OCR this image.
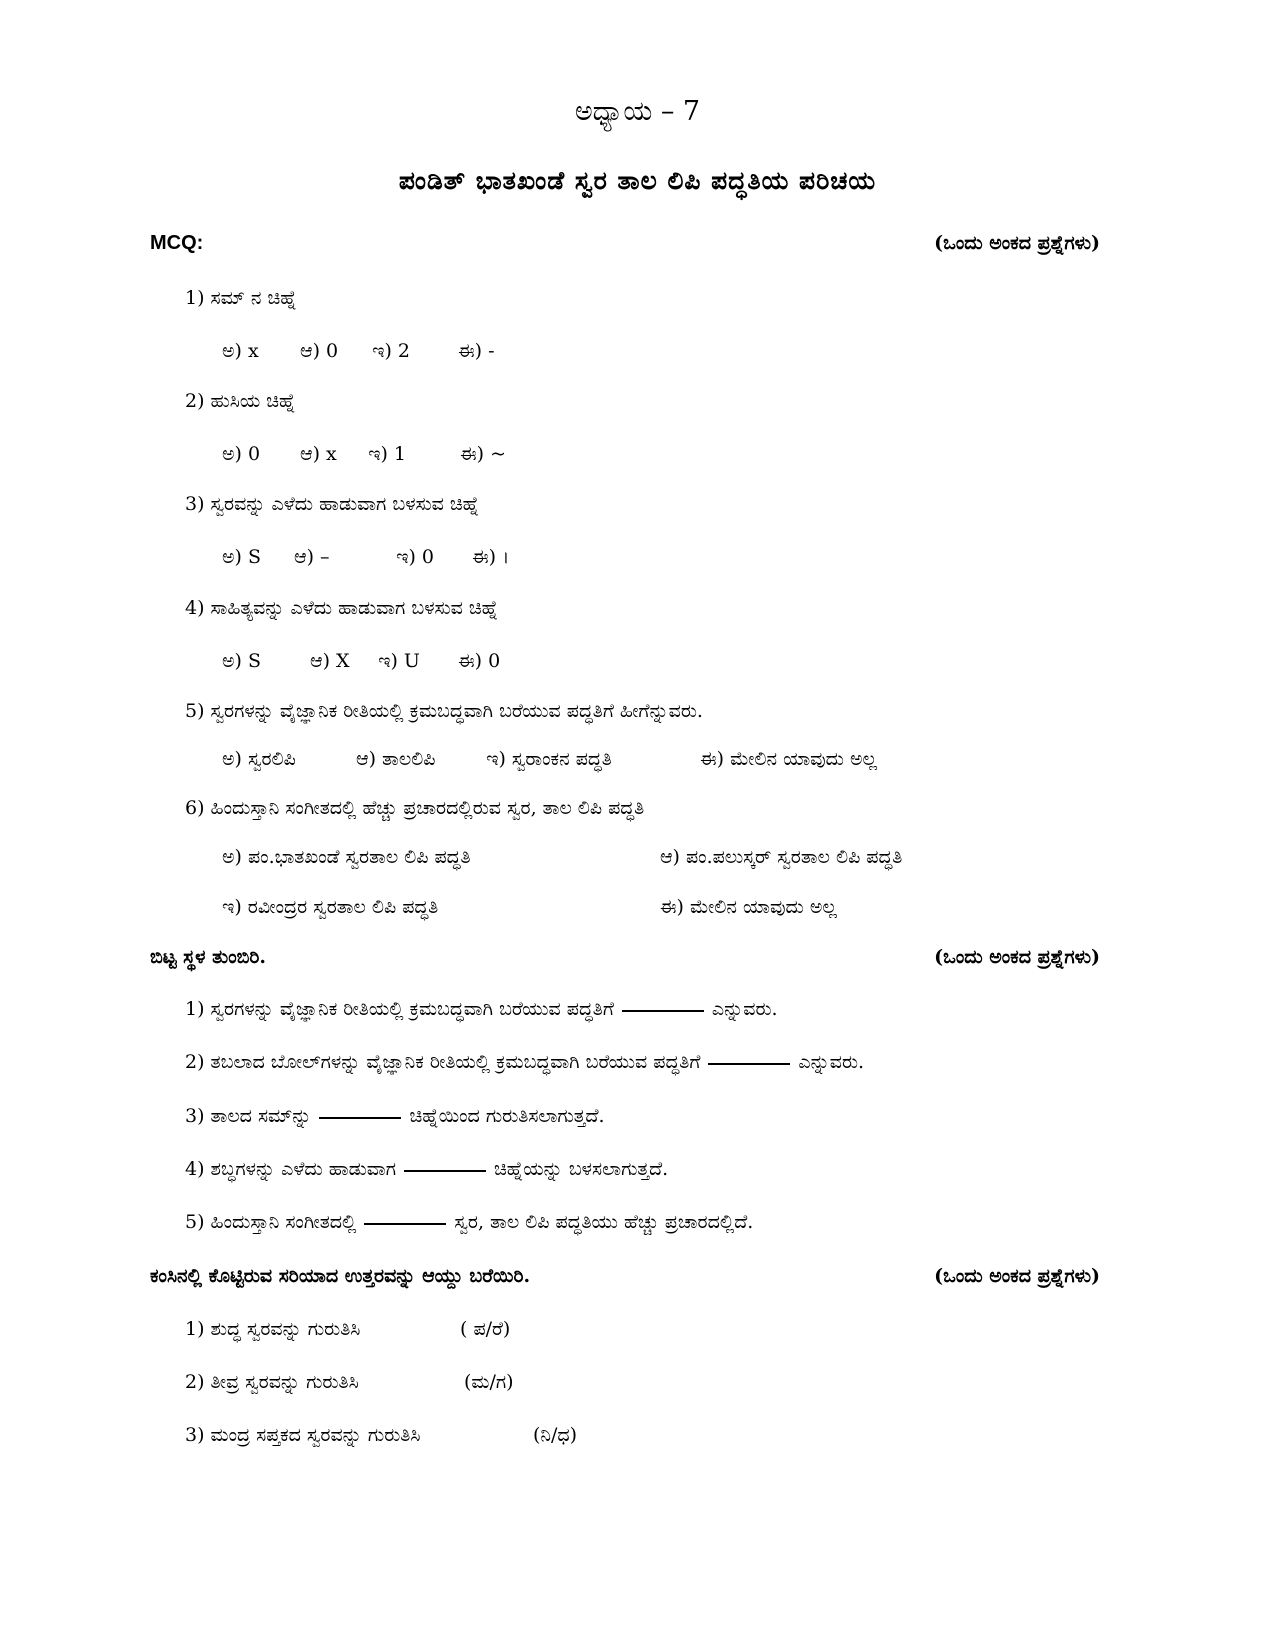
ಅಧ್ಯಾಯ – 7
ಪಂಡಿತ್ ಭಾತಖಂಡೆ ಸ್ವರ ತಾಲ ಲಿಪಿ ಪದ್ಧತಿಯ ಪರಿಚಯ
MCQ:	(ಒಂದು ಅಂಕದ ಪ್ರಶ್ನೆಗಳು)
1) ಸಮ್ ನ ಚಿಹ್ನೆ
ಅ) x ಆ) 0 ಇ) 2	ಈ) -
2) ಹುಸಿಯ ಚಿಹ್ನೆ
ಅ) 0 ಆ) x ಇ) 1	ಈ) ~
3) ಸ್ವರವನ್ನು ಎಳೆದು ಹಾಡುವಾಗ ಬಳಸುವ ಚಿಹ್ನೆ
ಅ) S ಆ) –	ಇ) 0 ಈ) ।
4) ಸಾಹಿತ್ಯವನ್ನು ಎಳೆದು ಹಾಡುವಾಗ ಬಳಸುವ ಚಿಹ್ನೆ
ಅ) S	ಆ) X ಇ) U ಈ) 0
5) ಸ್ವರಗಳನ್ನು ವೈಜ್ಞಾನಿಕ ರೀತಿಯಲ್ಲಿ ಕ್ರಮಬದ್ಧವಾಗಿ ಬರೆಯುವ ಪದ್ಧತಿಗೆ ಹೀಗೆನ್ನುವರು.
ಅ) ಸ್ವರಲಿಪಿ	ಆ) ತಾಲಲಿಪಿ	ಇ) ಸ್ವರಾಂಕನ ಪದ್ಧತಿ	ಈ) ಮೇಲಿನ ಯಾವುದು ಅಲ್ಲ
6) ಹಿಂದುಸ್ತಾನಿ ಸಂಗೀತದಲ್ಲಿ ಹೆಚ್ಚು ಪ್ರಚಾರದಲ್ಲಿರುವ ಸ್ವರ, ತಾಲ ಲಿಪಿ ಪದ್ಧತಿ
ಅ) ಪಂ.ಭಾತಖಂಡೆ ಸ್ವರತಾಲ ಲಿಪಿ ಪದ್ಧತಿ	ಆ) ಪಂ.ಪಲುಸ್ಕರ್ ಸ್ವರತಾಲ ಲಿಪಿ ಪದ್ಧತಿ
ಇ) ರವೀಂದ್ರರ ಸ್ವರತಾಲ ಲಿಪಿ ಪದ್ಧತಿ	ಈ) ಮೇಲಿನ ಯಾವುದು ಅಲ್ಲ
ಬಿಟ್ಟ ಸ್ಥಳ ತುಂಬಿರಿ.	(ಒಂದು ಅಂಕದ ಪ್ರಶ್ನೆಗಳು)
1) ಸ್ವರಗಳನ್ನು ವೈಜ್ಞಾನಿಕ ರೀತಿಯಲ್ಲಿ ಕ್ರಮಬದ್ಧವಾಗಿ ಬರೆಯುವ ಪದ್ಧತಿಗೆ	ಎನ್ನುವರು.
2) ತಬಲಾದ ಬೋಲ್‌ಗಳನ್ನು ವೈಜ್ಞಾನಿಕ ರೀತಿಯಲ್ಲಿ ಕ್ರಮಬದ್ಧವಾಗಿ ಬರೆಯುವ ಪದ್ಧತಿಗೆ	ಎನ್ನುವರು.
3) ತಾಲದ ಸಮ್‌ನ್ನು	ಚಿಹ್ನೆಯಿಂದ ಗುರುತಿಸಲಾಗುತ್ತದೆ.
4) ಶಬ್ಧಗಳನ್ನು ಎಳೆದು ಹಾಡುವಾಗ	ಚಿಹ್ನೆಯನ್ನು ಬಳಸಲಾಗುತ್ತದೆ.
5) ಹಿಂದುಸ್ತಾನಿ ಸಂಗೀತದಲ್ಲಿ	ಸ್ವರ, ತಾಲ ಲಿಪಿ ಪದ್ಧತಿಯು ಹೆಚ್ಚು ಪ್ರಚಾರದಲ್ಲಿದೆ.
ಕಂಸಿನಲ್ಲಿ ಕೊಟ್ಟಿರುವ ಸರಿಯಾದ ಉತ್ತರವನ್ನು ಆಯ್ದು ಬರೆಯಿರಿ.	(ಒಂದು ಅಂಕದ ಪ್ರಶ್ನೆಗಳು)
1) ಶುದ್ಧ ಸ್ವರವನ್ನು ಗುರುತಿಸಿ	( ಪ/ರೆ)
2) ತೀವ್ರ ಸ್ವರವನ್ನು ಗುರುತಿಸಿ	(ಮ/ಗ)
3) ಮಂದ್ರ ಸಪ್ತಕದ ಸ್ವರವನ್ನು ಗುರುತಿಸಿ	(ನಿ/ಧ)
